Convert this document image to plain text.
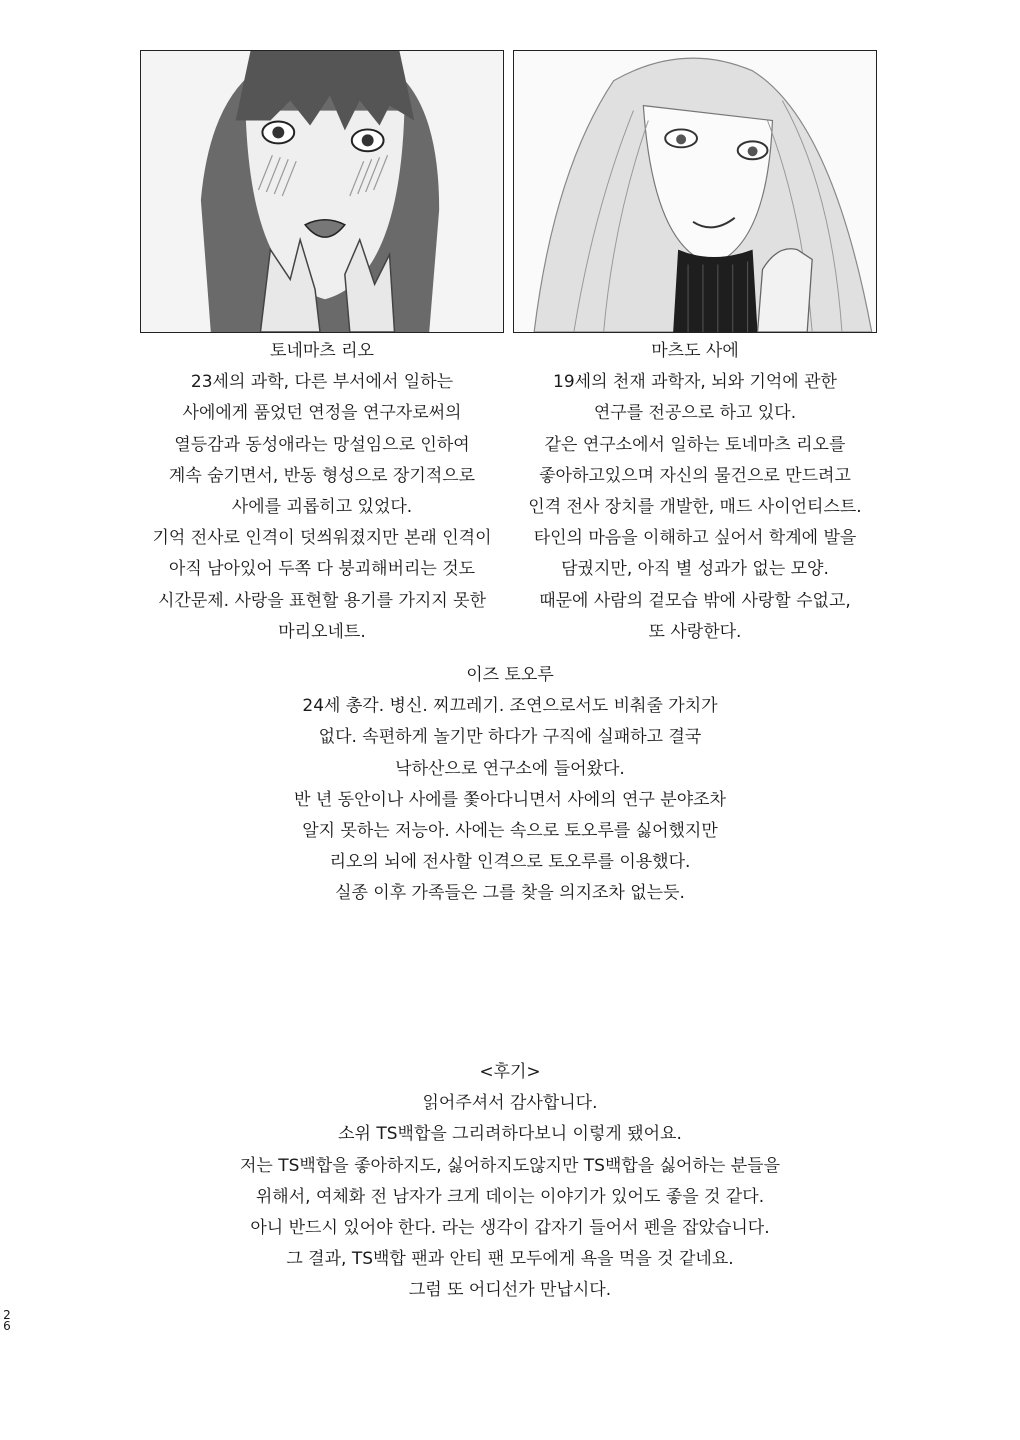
토네마츠 리오
23세의 과학, 다른 부서에서 일하는
사에에게 품었던 연정을 연구자로써의
열등감과 동성애라는 망설임으로 인하여
계속 숨기면서, 반동 형성으로 장기적으로
사에를 괴롭히고 있었다.
기억 전사로 인격이 덧씌워졌지만 본래 인격이
아직 남아있어 두쪽 다 붕괴해버리는 것도
시간문제. 사랑을 표현할 용기를 가지지 못한
마리오네트.
마츠도 사에
19세의 천재 과학자, 뇌와 기억에 관한
연구를 전공으로 하고 있다.
같은 연구소에서 일하는 토네마츠 리오를
좋아하고있으며 자신의 물건으로 만드려고
인격 전사 장치를 개발한, 매드 사이언티스트.
타인의 마음을 이해하고 싶어서 학계에 발을
담궜지만, 아직 별 성과가 없는 모양.
때문에 사람의 겉모습 밖에 사랑할 수없고,
또 사랑한다.
이즈 토오루
24세 총각. 병신. 찌끄레기. 조연으로서도 비춰줄 가치가
없다. 속편하게 놀기만 하다가 구직에 실패하고 결국
낙하산으로 연구소에 들어왔다.
반 년 동안이나 사에를 쫓아다니면서 사에의 연구 분야조차
알지 못하는 저능아. 사에는 속으로 토오루를 싫어했지만
리오의 뇌에 전사할 인격으로 토오루를 이용했다.
실종 이후 가족들은 그를 찾을 의지조차 없는듯.
<후기>
읽어주셔서 감사합니다.
소위 TS백합을 그리려하다보니 이렇게 됐어요.
저는 TS백합을 좋아하지도, 싫어하지도않지만 TS백합을 싫어하는 분들을
위해서, 여체화 전 남자가 크게 데이는 이야기가 있어도 좋을 것 같다.
아니 반드시 있어야 한다. 라는 생각이 갑자기 들어서 펜을 잡았습니다.
그 결과, TS백합 팬과 안티 팬 모두에게 욕을 먹을 것 같네요.
그럼 또 어디선가 만납시다.
2
6
